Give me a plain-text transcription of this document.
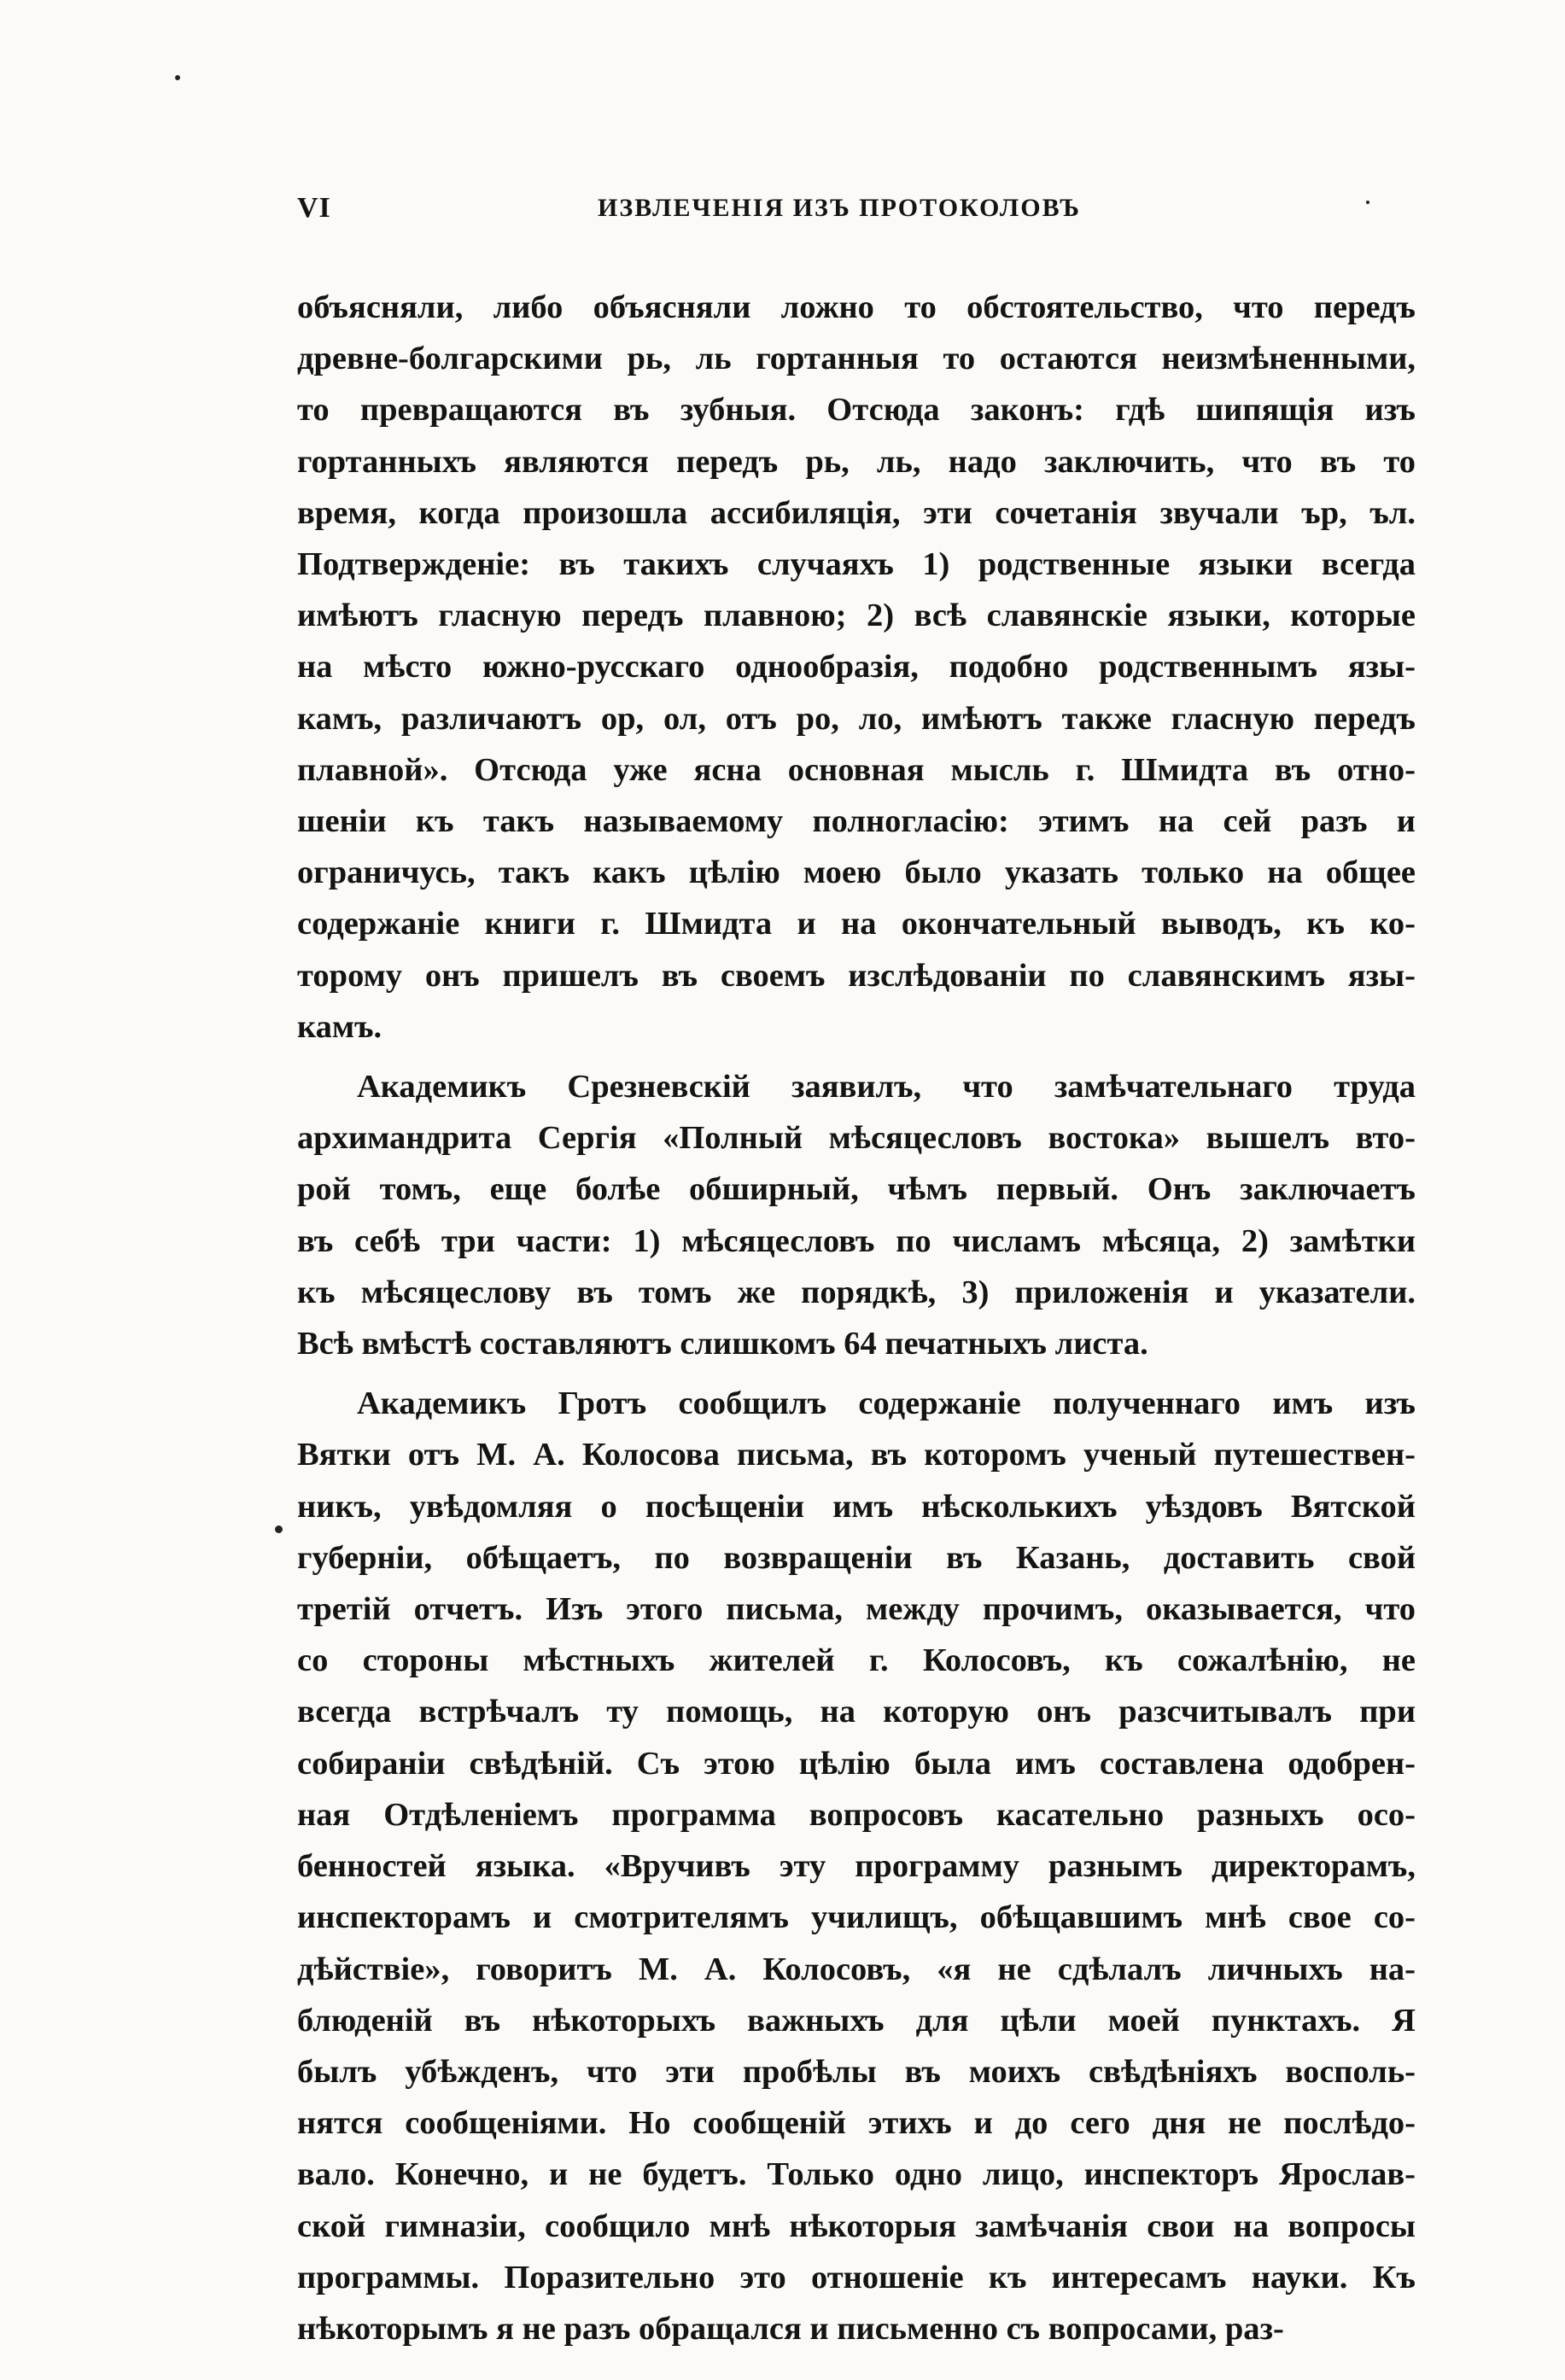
VI	ИЗВЛЕЧЕНІЯ ИЗЪ ПРОТОКОЛОВЪ

объясняли, либо объясняли ложно то обстоятельство, что передъ
древне-болгарскими рь, ль гортанныя то остаются неизмѣненными,
то превращаются въ зубныя. Отсюда законъ: гдѣ шипящія изъ
гортанныхъ являются передъ рь, ль, надо заключить, что въ то
время, когда произошла ассибиляція, эти сочетанія звучали ър, ъл.
Подтвержденіе: въ такихъ случаяхъ 1) родственные языки всегда
имѣютъ гласную передъ плавною; 2) всѣ славянскіе языки, которые
на мѣсто южно-русскаго однообразія, подобно родственнымъ язы-
камъ, различаютъ ор, ол, отъ ро, ло, имѣютъ также гласную передъ
плавной». Отсюда уже ясна основная мысль г. Шмидта въ отно-
шеніи къ такъ называемому полногласію: этимъ на сей разъ и
ограничусь, такъ какъ цѣлію моею было указать только на общее
содержаніе книги г. Шмидта и на окончательный выводъ, къ ко-
торому онъ пришелъ въ своемъ изслѣдованіи по славянскимъ язы-
камъ.

Академикъ Срезневскій заявилъ, что замѣчательнаго труда
архимандрита Сергія «Полный мѣсяцесловъ востока» вышелъ вто-
рой томъ, еще болѣе обширный, чѣмъ первый. Онъ заключаетъ
въ себѣ три части: 1) мѣсяцесловъ по числамъ мѣсяца, 2) замѣтки
къ мѣсяцеслову въ томъ же порядкѣ, 3) приложенія и указатели.
Всѣ вмѣстѣ составляютъ слишкомъ 64 печатныхъ листа.

Академикъ Гротъ сообщилъ содержаніе полученнаго имъ изъ
Вятки отъ М. А. Колосова письма, въ которомъ ученый путешествен-
никъ, увѣдомляя о посѣщеніи имъ нѣсколькихъ уѣздовъ Вятской
губерніи, обѣщаетъ, по возвращеніи въ Казань, доставить свой
третій отчетъ. Изъ этого письма, между прочимъ, оказывается, что
со стороны мѣстныхъ жителей г. Колосовъ, къ сожалѣнію, не
всегда встрѣчалъ ту помощь, на которую онъ разсчитывалъ при
собираніи свѣдѣній. Съ этою цѣлію была имъ составлена одобрен-
ная Отдѣленіемъ программа вопросовъ касательно разныхъ осо-
бенностей языка. «Вручивъ эту программу разнымъ директорамъ,
инспекторамъ и смотрителямъ училищъ, обѣщавшимъ мнѣ свое со-
дѣйствіе», говоритъ М. А. Колосовъ, «я не сдѣлалъ личныхъ на-
блюденій въ нѣкоторыхъ важныхъ для цѣли моей пунктахъ. Я
былъ убѣжденъ, что эти пробѣлы въ моихъ свѣдѣніяхъ восполь-
нятся сообщеніями. Но сообщеній этихъ и до сего дня не послѣдо-
вало. Конечно, и не будетъ. Только одно лицо, инспекторъ Ярослав-
ской гимназіи, сообщило мнѣ нѣкоторыя замѣчанія свои на вопросы
программы. Поразительно это отношеніе къ интересамъ науки. Къ
нѣкоторымъ я не разъ обращался и письменно съ вопросами, раз-
